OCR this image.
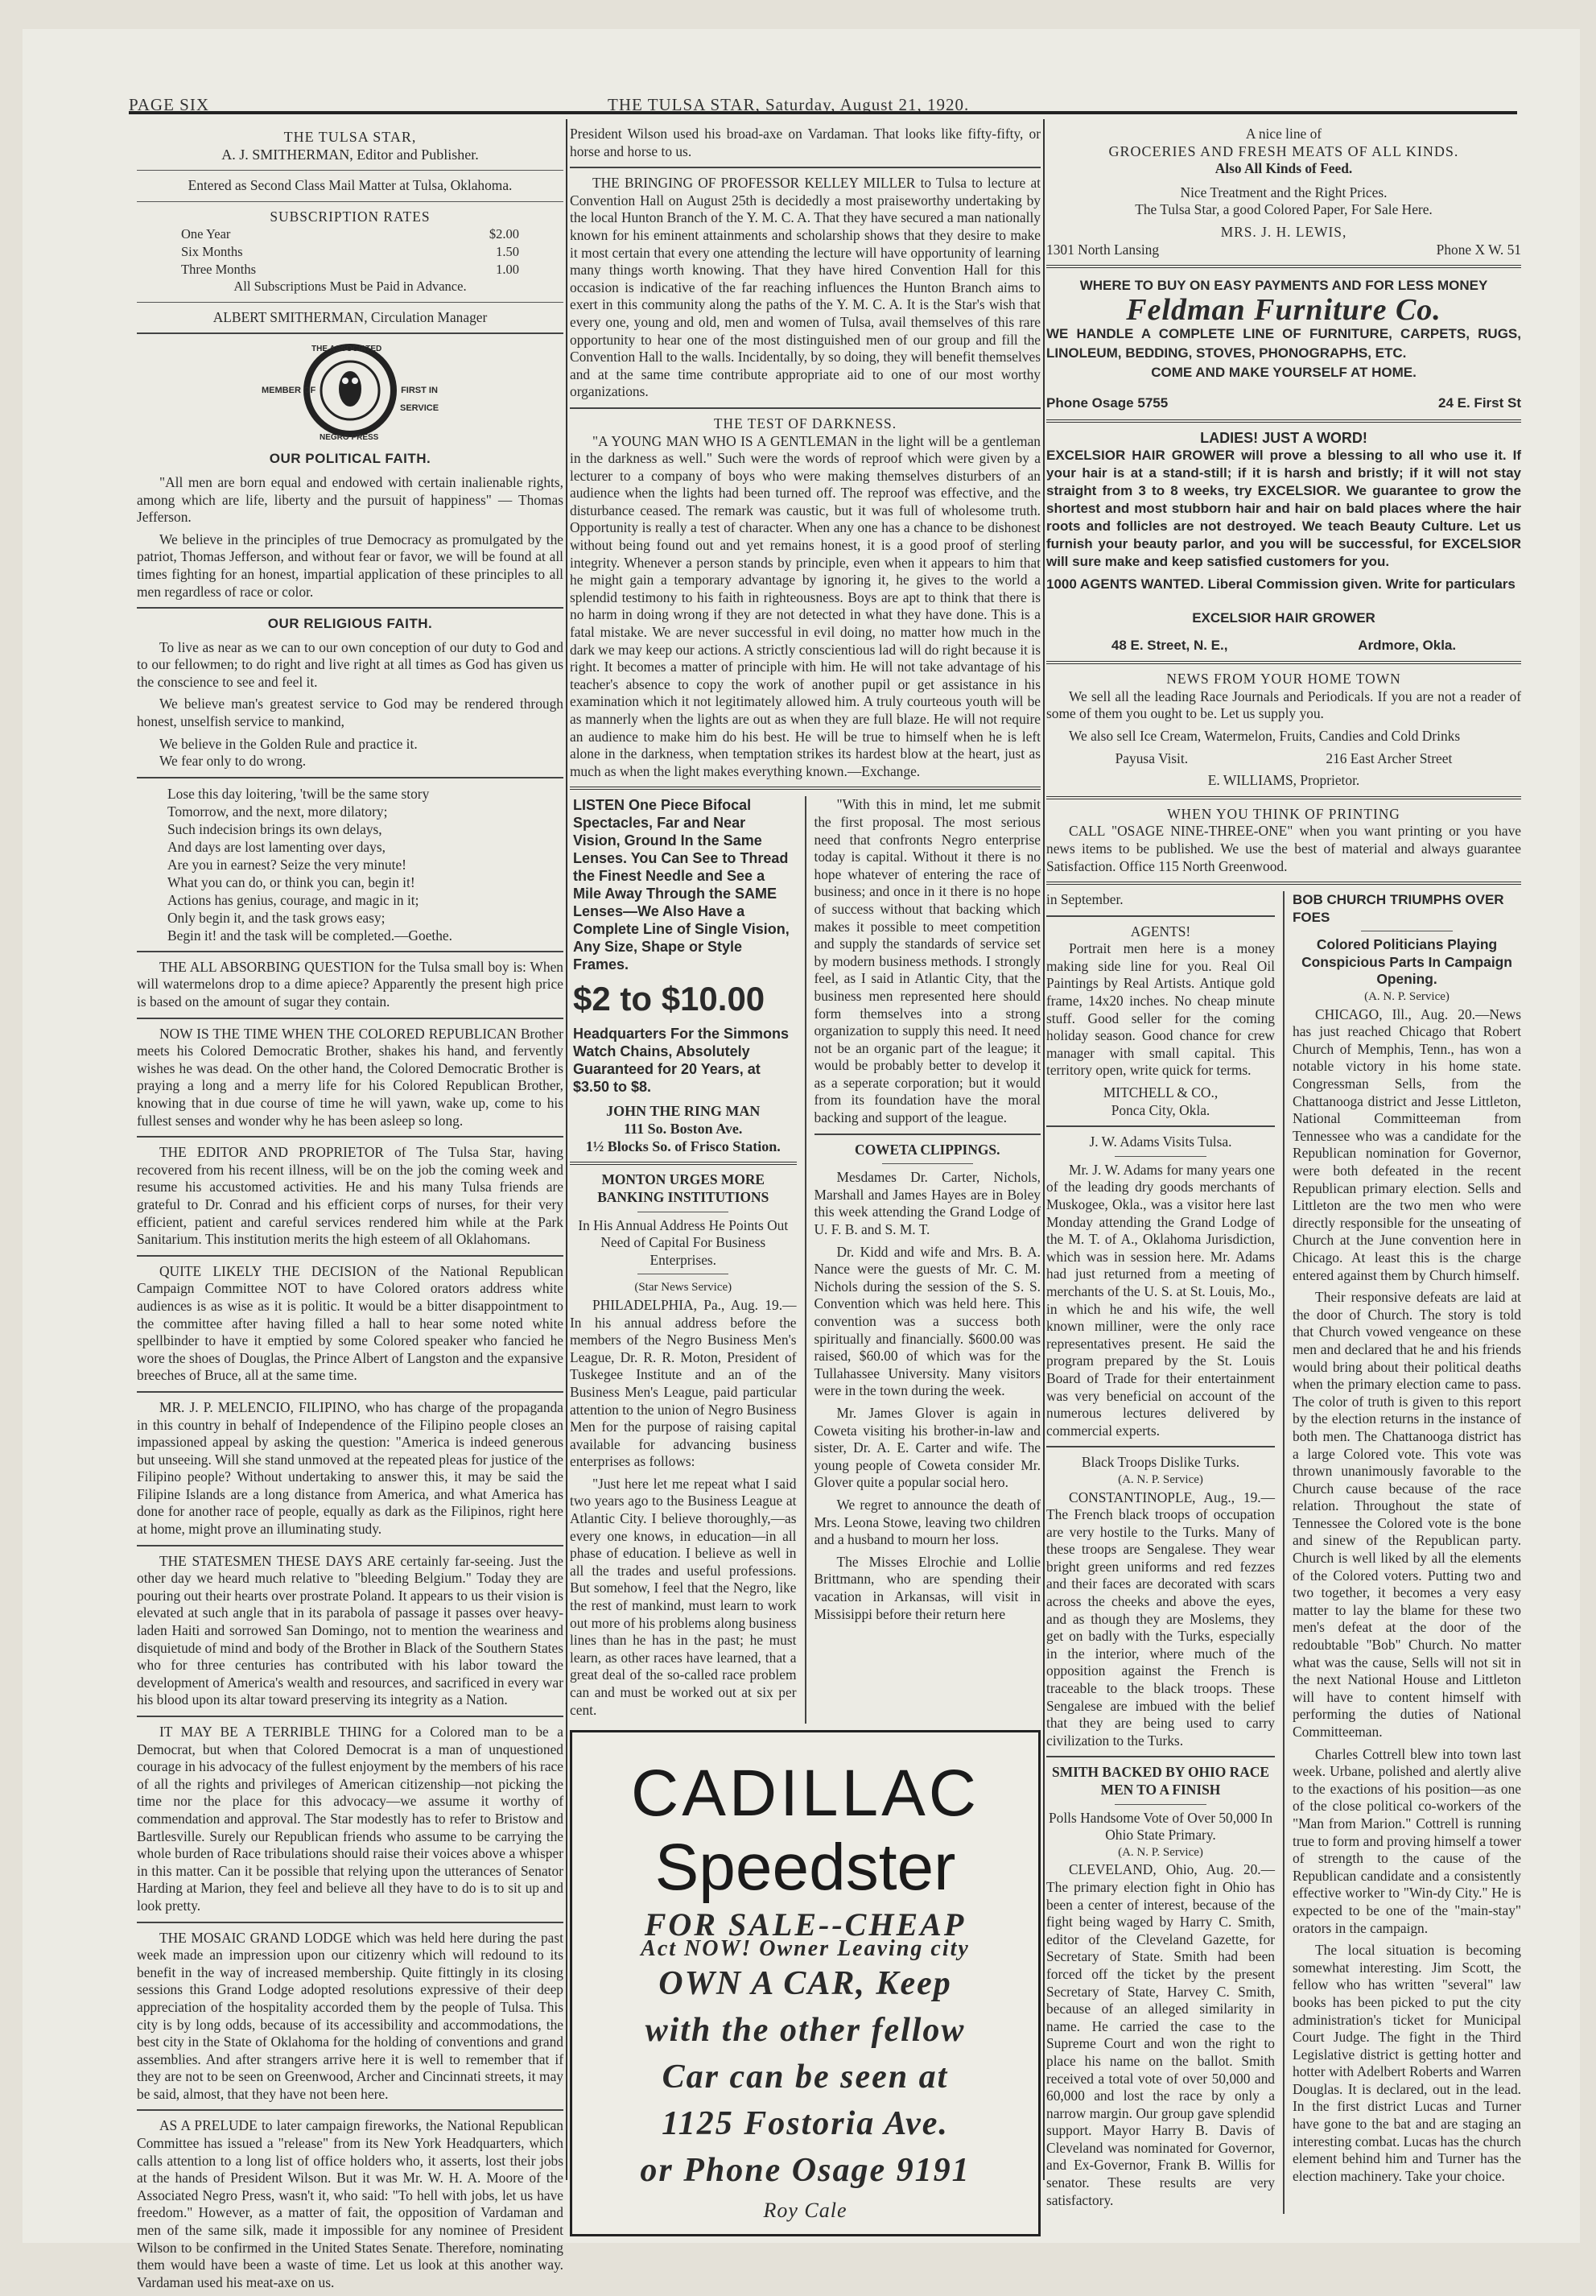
PAGE SIX	THE TULSA STAR, Saturday, August 21, 1920.
THE TULSA STAR,
A. J. SMITHERMAN, Editor and Publisher.
Entered as Second Class Mail Matter at Tulsa, Oklahoma.
SUBSCRIPTION RATES
One Year	$2.00
Six Months	1.50
Three Months	1.00
All Subscriptions Must be Paid in Advance.
ALBERT SMITHERMAN, Circulation Manager
MEMBER OF	FIRST IN SERVICE
THE ASSOCIATED
NEGRO PRESS
OUR POLITICAL FAITH.

"All men are born equal and endowed with certain inalienable rights, among which are life, liberty and the pursuit of happiness" — Thomas Jefferson.

We believe in the principles of true Democracy as promulgated by the patriot, Thomas Jefferson, and without fear or favor, we will be found at all times fighting for an honest, impartial application of these principles to all men regardless of race or color.

OUR RELIGIOUS FAITH.

To live as near as we can to our own conception of our duty to God and to our fellowmen; to do right and live right at all times as God has given us the conscience to see and feel it.

We believe man's greatest service to God may be rendered through honest, unselfish service to mankind,

We believe in the Golden Rule and practice it.

We fear only to do wrong.

Lose this day loitering, 'twill be the same story

Tomorrow, and the next, more dilatory;

Such indecision brings its own delays,

And days are lost lamenting over days,

Are you in earnest? Seize the very minute!

What you can do, or think you can, begin it!

Actions has genius, courage, and magic in it;

Only begin it, and the task grows easy;

Begin it! and the task will be completed.—Goethe.

THE ALL ABSORBING QUESTION for the Tulsa small boy is: When will watermelons drop to a dime apiece? Apparently the present high price is based on the amount of sugar they contain.

NOW IS THE TIME WHEN THE COLORED REPUBLICAN Brother meets his Colored Democratic Brother, shakes his hand, and fervently wishes he was dead. On the other hand, the Colored Democratic Brother is praying a long and a merry life for his Colored Republican Brother, knowing that in due course of time he will yawn, wake up, come to his fullest senses and wonder why he has been asleep so long.

THE EDITOR AND PROPRIETOR of The Tulsa Star, having recovered from his recent illness, will be on the job the coming week and resume his accustomed activities. He and his many Tulsa friends are grateful to Dr. Conrad and his efficient corps of nurses, for their very efficient, patient and careful services rendered him while at the Park Sanitarium. This institution merits the high esteem of all Oklahomans.

QUITE LIKELY THE DECISION of the National Republican Campaign Committee NOT to have Colored orators address white audiences is as wise as it is politic. It would be a bitter disappointment to the committee after having filled a hall to hear some noted white spellbinder to have it emptied by some Colored speaker who fancied he wore the shoes of Douglas, the Prince Albert of Langston and the expansive breeches of Bruce, all at the same time.

MR. J. P. MELENCIO, FILIPINO, who has charge of the propaganda in this country in behalf of Independence of the Filipino people closes an impassioned appeal by asking the question: "America is indeed generous but unseeing. Will she stand unmoved at the repeated pleas for justice of the Filipino people? Without undertaking to answer this, it may be said the Filipine Islands are a long distance from America, and what America has done for another race of people, equally as dark as the Filipinos, right here at home, might prove an illuminating study.

THE STATESMEN THESE DAYS ARE certainly far-seeing. Just the other day we heard much relative to "bleeding Belgium." Today they are pouring out their hearts over prostrate Poland. It appears to us their vision is elevated at such angle that in its parabola of passage it passes over heavy-laden Haiti and sorrowed San Domingo, not to mention the weariness and disquietude of mind and body of the Brother in Black of the Southern States who for three centuries has contributed with his labor toward the development of America's wealth and resources, and sacrificed in every war his blood upon its altar toward preserving its integrity as a Nation.

IT MAY BE A TERRIBLE THING for a Colored man to be a Democrat, but when that Colored Democrat is a man of unquestioned courage in his advocacy of the fullest enjoyment by the members of his race of all the rights and privileges of American citizenship—not picking the time nor the place for this advocacy—we assume it worthy of commendation and approval. The Star modestly has to refer to Bristow and Bartlesville. Surely our Republican friends who assume to be carrying the whole burden of Race tribulations should raise their voices above a whisper in this matter. Can it be possible that relying upon the utterances of Senator Harding at Marion, they feel and believe all they have to do is to sit up and look pretty.

THE MOSAIC GRAND LODGE which was held here during the past week made an impression upon our citizenry which will redound to its benefit in the way of increased membership. Quite fittingly in its closing sessions this Grand Lodge adopted resolutions expressive of their deep appreciation of the hospitality accorded them by the people of Tulsa. This city is by long odds, because of its accessibility and accommodations, the best city in the State of Oklahoma for the holding of conventions and grand assemblies. And after strangers arrive here it is well to remember that if they are not to be seen on Greenwood, Archer and Cincinnati streets, it may be said, almost, that they have not been here.

AS A PRELUDE to later campaign fireworks, the National Republican Committee has issued a "release" from its New York Headquarters, which calls attention to a long list of office holders who, it asserts, lost their jobs at the hands of President Wilson. But it was Mr. W. H. A. Moore of the Associated Negro Press, wasn't it, who said: "To hell with jobs, let us have freedom." However, as a matter of fait, the opposition of Vardaman and men of the same silk, made it impossible for any nominee of President Wilson to be confirmed in the United States Senate. Therefore, nominating them would have been a waste of time. Let us look at this another way. Vardaman used his meat-axe on us.

President Wilson used his broad-axe on Vardaman. That looks like fifty-fifty, or horse and horse to us.

THE BRINGING OF PROFESSOR KELLEY MILLER to Tulsa to lecture at Convention Hall on August 25th is decidedly a most praiseworthy undertaking by the local Hunton Branch of the Y. M. C. A. That they have secured a man nationally known for his eminent attainments and scholarship shows that they desire to make it most certain that every one attending the lecture will have opportunity of learning many things worth knowing. That they have hired Convention Hall for this occasion is indicative of the far reaching influences the Hunton Branch aims to exert in this community along the paths of the Y. M. C. A. It is the Star's wish that every one, young and old, men and women of Tulsa, avail themselves of this rare opportunity to hear one of the most distinguished men of our group and fill the Convention Hall to the walls. Incidentally, by so doing, they will benefit themselves and at the same time contribute appropriate aid to one of our most worthy organizations.

THE TEST OF DARKNESS.

"A YOUNG MAN WHO IS A GENTLEMAN in the light will be a gentleman in the darkness as well." Such were the words of reproof which were given by a lecturer to a company of boys who were making themselves disturbers of an audience when the lights had been turned off. The reproof was effective, and the disturbance ceased. The remark was caustic, but it was full of wholesome truth. Opportunity is really a test of character. When any one has a chance to be dishonest without being found out and yet remains honest, it is a good proof of sterling integrity. Whenever a person stands by principle, even when it appears to him that he might gain a temporary advantage by ignoring it, he gives to the world a splendid testimony to his faith in righteousness. Boys are apt to think that there is no harm in doing wrong if they are not detected in what they have done. This is a fatal mistake. We are never successful in evil doing, no matter how much in the dark we may keep our actions. A strictly conscientious lad will do right because it is right. It becomes a matter of principle with him. He will not take advantage of his teacher's absence to copy the work of another pupil or get assistance in his examination which it not legitimately allowed him. A truly courteous youth will be as mannerly when the lights are out as when they are full blaze. He will not require an audience to make him do his best. He will be true to himself when he is left alone in the darkness, when temptation strikes its hardest blow at the heart, just as much as when the light makes everything known.—Exchange.

LISTEN One Piece Bifocal Spectacles, Far and Near Vision, Ground In the Same Lenses. You Can See to Thread the Finest Needle and See a Mile Away Through the SAME Lenses—We Also Have a Complete Line of Single Vision, Any Size, Shape or Style Frames.
$2 to $10.00
Headquarters For the Simmons Watch Chains, Absolutely Guaranteed for 20 Years, at $3.50 to $8.
JOHN THE RING MAN
111 So. Boston Ave.
1½ Blocks So. of Frisco Station.
MONTON URGES MORE BANKING INSTITUTIONS
In His Annual Address He Points Out Need of Capital For Business Enterprises.
(Star News Service)

PHILADELPHIA, Pa., Aug. 19.—In his annual address before the members of the Negro Business Men's League, Dr. R. R. Moton, President of Tuskegee Institute and an of the Business Men's League, paid particular attention to the union of Negro Business Men for the purpose of raising capital available for advancing business enterprises as follows:

"Just here let me repeat what I said two years ago to the Business League at Atlantic City. I believe thoroughly,—as every one knows, in education—in all phase of education. I believe as well in all the trades and useful professions. But somehow, I feel that the Negro, like the rest of mankind, must learn to work out more of his problems along business lines than he has in the past; he must learn, as other races have learned, that a great deal of the so-called race problem can and must be worked out at six per cent.

"With this in mind, let me submit the first proposal. The most serious need that confronts Negro enterprise today is capital. Without it there is no hope whatever of entering the race of business; and once in it there is no hope of success without that backing which makes it possible to meet competition and supply the standards of service set by modern business methods. I strongly feel, as I said in Atlantic City, that the business men represented here should form themselves into a strong organization to supply this need. It need not be an organic part of the league; it would be probably better to develop it as a seperate corporation; but it would from its foundation have the moral backing and support of the league.

COWETA CLIPPINGS.

Mesdames Dr. Carter, Nichols, Marshall and James Hayes are in Boley this week attending the Grand Lodge of U. F. B. and S. M. T.

Dr. Kidd and wife and Mrs. B. A. Nance were the guests of Mr. C. M. Nichols during the session of the S. S. Convention which was held here. This convention was a success both spiritually and financially. $600.00 was raised, $60.00 of which was for the Tullahassee University. Many visitors were in the town during the week.

Mr. James Glover is again in Coweta visiting his brother-in-law and sister, Dr. A. E. Carter and wife. The young people of Coweta consider Mr. Glover quite a popular social hero.

We regret to announce the death of Mrs. Leona Stowe, leaving two children and a husband to mourn her loss.

The Misses Elrochie and Lollie Brittmann, who are spending their vacation in Arkansas, will visit in Missisippi before their return here

CADILLAC
Speedster
FOR SALE--CHEAP
Act NOW! Owner Leaving city
OWN A CAR, Keep
with the other fellow
Car can be seen at
1125 Fostoria Ave.
or Phone Osage 9191
Roy Cale
A nice line of
GROCERIES AND FRESH MEATS OF ALL KINDS.
Also All Kinds of Feed.
Nice Treatment and the Right Prices.
The Tulsa Star, a good Colored Paper, For Sale Here.
MRS. J. H. LEWIS,
1301 North Lansing	Phone X W. 51
WHERE TO BUY ON EASY PAYMENTS AND FOR LESS MONEY
Feldman Furniture Co.
WE HANDLE A COMPLETE LINE OF FURNITURE, CARPETS, RUGS, LINOLEUM, BEDDING, STOVES, PHONOGRAPHS, ETC.
COME AND MAKE YOURSELF AT HOME.
Phone Osage 5755	24 E. First St
LADIES! JUST A WORD!
EXCELSIOR HAIR GROWER will prove a blessing to all who use it. If your hair is at a stand-still; if it is harsh and bristly; if it will not stay straight from 3 to 8 weeks, try EXCELSIOR. We guarantee to grow the shortest and most stubborn hair and hair on bald places where the hair roots and follicles are not destroyed. We teach Beauty Culture. Let us furnish your beauty parlor, and you will be successful, for EXCELSIOR will sure make and keep satisfied customers for you.
1000 AGENTS WANTED. Liberal Commission given. Write for particulars
EXCELSIOR HAIR GROWER
48 E. Street, N. E.,	Ardmore, Okla.
NEWS FROM YOUR HOME TOWN

We sell all the leading Race Journals and Periodicals. If you are not a reader of some of them you ought to be. Let us supply you.

We also sell Ice Cream, Watermelon, Fruits, Candies and Cold Drinks

Payusa Visit.	216 East Archer Street
E. WILLIAMS, Proprietor.
WHEN YOU THINK OF PRINTING

CALL "OSAGE NINE-THREE-ONE" when you want printing or you have news items to be published. We use the best of material and always guarantee Satisfaction. Office 115 North Greenwood.

in September.

AGENTS!

Portrait men here is a money making side line for you. Real Oil Paintings by Real Artists. Antique gold frame, 14x20 inches. No cheap minute stuff. Good seller for the coming holiday season. Good chance for crew manager with small capital. This territory open, write quick for terms.

MITCHELL & CO.,
Ponca City, Okla.
J. W. Adams Visits Tulsa.

Mr. J. W. Adams for many years one of the leading dry goods merchants of Muskogee, Okla., was a visitor here last Monday attending the Grand Lodge of the M. T. of A., Oklahoma Jurisdiction, which was in session here. Mr. Adams had just returned from a meeting of merchants of the U. S. at St. Louis, Mo., in which he and his wife, the well known milliner, were the only race representatives present. He said the program prepared by the St. Louis Board of Trade for their entertainment was very beneficial on account of the numerous lectures delivered by commercial experts.

Black Troops Dislike Turks.
(A. N. P. Service)

CONSTANTINOPLE, Aug., 19.—The French black troops of occupation are very hostile to the Turks. Many of these troops are Sengalese. They wear bright green uniforms and red fezzes and their faces are decorated with scars across the cheeks and above the eyes, and as though they are Moslems, they get on badly with the Turks, especially in the interior, where much of the opposition against the French is traceable to the black troops. These Sengalese are imbued with the belief that they are being used to carry civilization to the Turks.

SMITH BACKED BY OHIO RACE MEN TO A FINISH
Polls Handsome Vote of Over 50,000 In Ohio State Primary.
(A. N. P. Service)

CLEVELAND, Ohio, Aug. 20.—The primary election fight in Ohio has been a center of interest, because of the fight being waged by Harry C. Smith, editor of the Cleveland Gazette, for Secretary of State. Smith had been forced off the ticket by the present Secretary of State, Harvey C. Smith, because of an alleged similarity in name. He carried the case to the Supreme Court and won the right to place his name on the ballot. Smith received a total vote of over 50,000 and 60,000 and lost the race by only a narrow margin. Our group gave splendid support. Mayor Harry B. Davis of Cleveland was nominated for Governor, and Ex-Governor, Frank B. Willis for senator. These results are very satisfactory.

BOB CHURCH TRIUMPHS OVER FOES
Colored Politicians Playing Conspicious Parts In Campaign Opening.
(A. N. P. Service)

CHICAGO, Ill., Aug. 20.—News has just reached Chicago that Robert Church of Memphis, Tenn., has won a notable victory in his home state. Congressman Sells, from the Chattanooga district and Jesse Littleton, National Committeeman from Tennessee who was a candidate for the Republican nomination for Governor, were both defeated in the recent Republican primary election. Sells and Littleton are the two men who were directly responsible for the unseating of Church at the June convention here in Chicago. At least this is the charge entered against them by Church himself.

Their responsive defeats are laid at the door of Church. The story is told that Church vowed vengeance on these men and declared that he and his friends would bring about their political deaths when the primary election came to pass. The color of truth is given to this report by the election returns in the instance of both men. The Chattanooga district has a large Colored vote. This vote was thrown unanimously favorable to the Church cause because of the race relation. Throughout the state of Tennessee the Colored vote is the bone and sinew of the Republican party. Church is well liked by all the elements of the Colored voters. Putting two and two together, it becomes a very easy matter to lay the blame for these two men's defeat at the door of the redoubtable "Bob" Church. No matter what was the cause, Sells will not sit in the next National House and Littleton will have to content himself with performing the duties of National Committeeman.

Charles Cottrell blew into town last week. Urbane, polished and alertly alive to the exactions of his position—as one of the close political co-workers of the "Man from Marion." Cottrell is running true to form and proving himself a tower of strength to the cause of the Republican candidate and a consistently effective worker to "Win-dy City." He is expected to be one of the "main-stay" orators in the campaign.

The local situation is becoming somewhat interesting. Jim Scott, the fellow who has written "several" law books has been picked to put the city administration's ticket for Municipal Court Judge. The fight in the Third Legislative district is getting hotter and hotter with Adelbert Roberts and Warren Douglas. It is declared, out in the lead. In the first district Lucas and Turner have gone to the bat and are staging an interesting combat. Lucas has the church element behind him and Turner has the election machinery. Take your choice.
